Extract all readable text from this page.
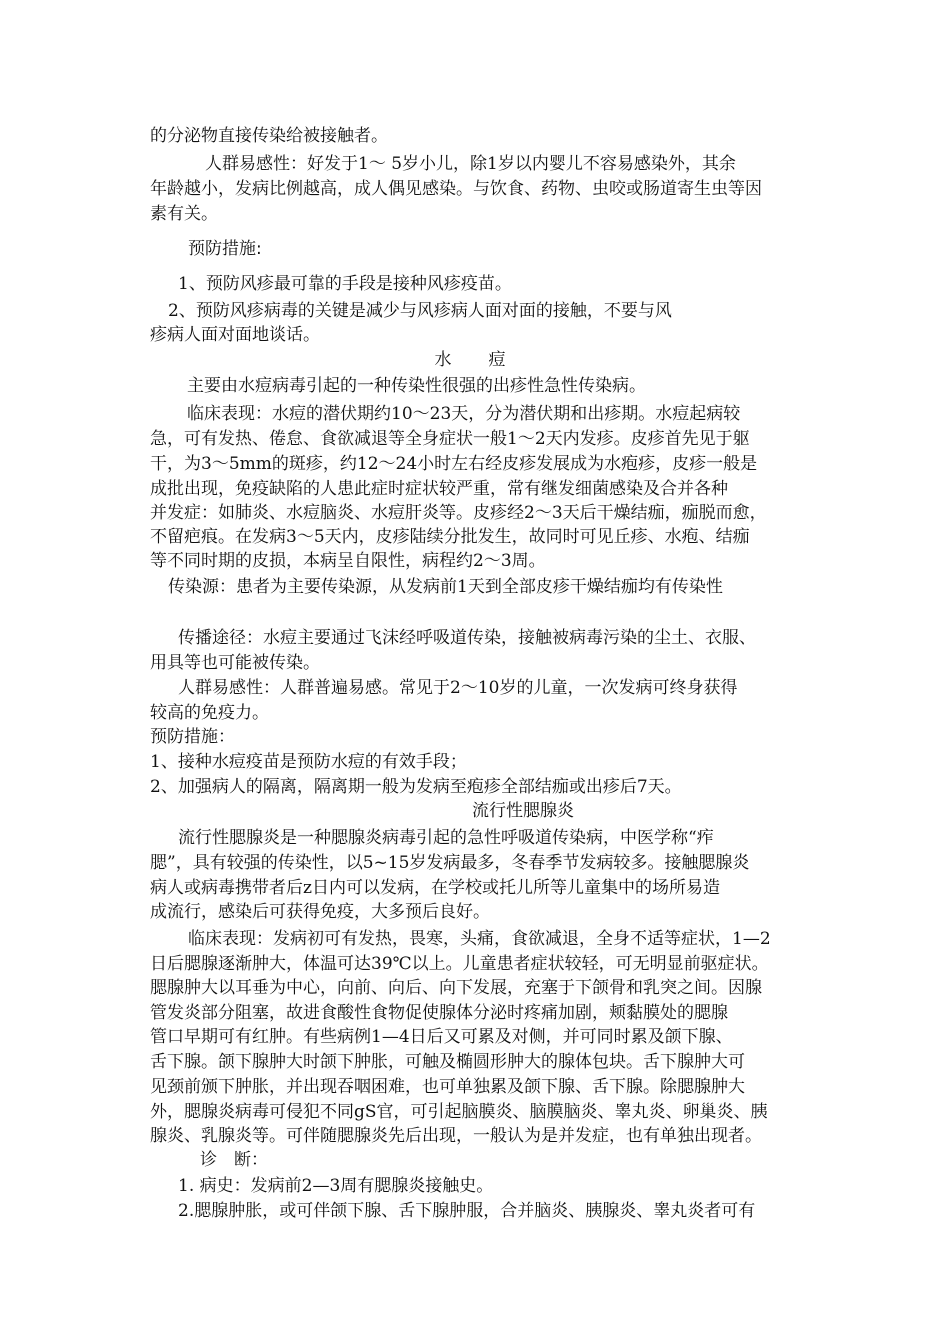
的分泌物直接传染给被接触者。
人群易感性：好发于1～ 5岁小儿，除1岁以内婴儿不容易感染外，其余
年龄越小，发病比例越高，成人偶见感染。与饮食、药物、虫咬或肠道寄生虫等因
素有关。
预防措施:
1、预防风疹最可靠的手段是接种风疹疫苗。
2、预防风疹病毒的关键是减少与风疹病人面对面的接触，不要与风
疹病人面对面地谈话。
水　痘
主要由水痘病毒引起的一种传染性很强的出疹性急性传染病。
临床表现：水痘的潜伏期约10～23天，分为潜伏期和出疹期。水痘起病较
急，可有发热、倦怠、食欲减退等全身症状一般1～2天内发疹。皮疹首先见于躯
干，为3～5mm的斑疹，约12～24小时左右经皮疹发展成为水疱疹，皮疹一般是
成批出现，免疫缺陷的人患此症时症状较严重，常有继发细菌感染及合并各种
并发症：如肺炎、水痘脑炎、水痘肝炎等。皮疹经2～3天后干燥结痂，痂脱而愈，
不留疤痕。在发病3～5天内，皮疹陆续分批发生，故同时可见丘疹、水疱、结痂
等不同时期的皮损，本病呈自限性，病程约2～3周。
传染源：患者为主要传染源，从发病前1天到全部皮疹干燥结痂均有传染性
传播途径：水痘主要通过飞沫经呼吸道传染，接触被病毒污染的尘土、衣服、
用具等也可能被传染。
人群易感性：人群普遍易感。常见于2～10岁的儿童，一次发病可终身获得
较高的免疫力。
预防措施：
1、接种水痘疫苗是预防水痘的有效手段；
2、加强病人的隔离，隔离期一般为发病至疱疹全部结痂或出疹后7天。
流行性腮腺炎
流行性腮腺炎是一种腮腺炎病毒引起的急性呼吸道传染病，中医学称“痄
腮”，具有较强的传染性，以5~15岁发病最多，冬春季节发病较多。接触腮腺炎
病人或病毒携带者后z日内可以发病，在学校或托儿所等儿童集中的场所易造
成流行，感染后可获得免疫，大多预后良好。
临床表现：发病初可有发热，畏寒，头痛，食欲减退，全身不适等症状，1—2
日后腮腺逐渐肿大，体温可达39℃以上。儿童患者症状较轻，可无明显前驱症状。
腮腺肿大以耳垂为中心，向前、向后、向下发展，充塞于下颌骨和乳突之间。因腺
管发炎部分阻塞，故进食酸性食物促使腺体分泌时疼痛加剧，颊黏膜处的腮腺
管口早期可有红肿。有些病例1—4日后又可累及对侧，并可同时累及颌下腺、
舌下腺。颌下腺肿大时颌下肿胀，可触及椭圆形肿大的腺体包块。舌下腺肿大可
见颈前颁下肿胀，并出现吞咽困难，也可单独累及颌下腺、舌下腺。除腮腺肿大
外，腮腺炎病毒可侵犯不同gS官，可引起脑膜炎、脑膜脑炎、睾丸炎、卵巢炎、胰
腺炎、乳腺炎等。可伴随腮腺炎先后出现，一般认为是并发症，也有单独出现者。
诊　断：
1. 病史：发病前2—3周有腮腺炎接触史。
2.腮腺肿胀，或可伴颌下腺、舌下腺肿服，合并脑炎、胰腺炎、睾丸炎者可有
